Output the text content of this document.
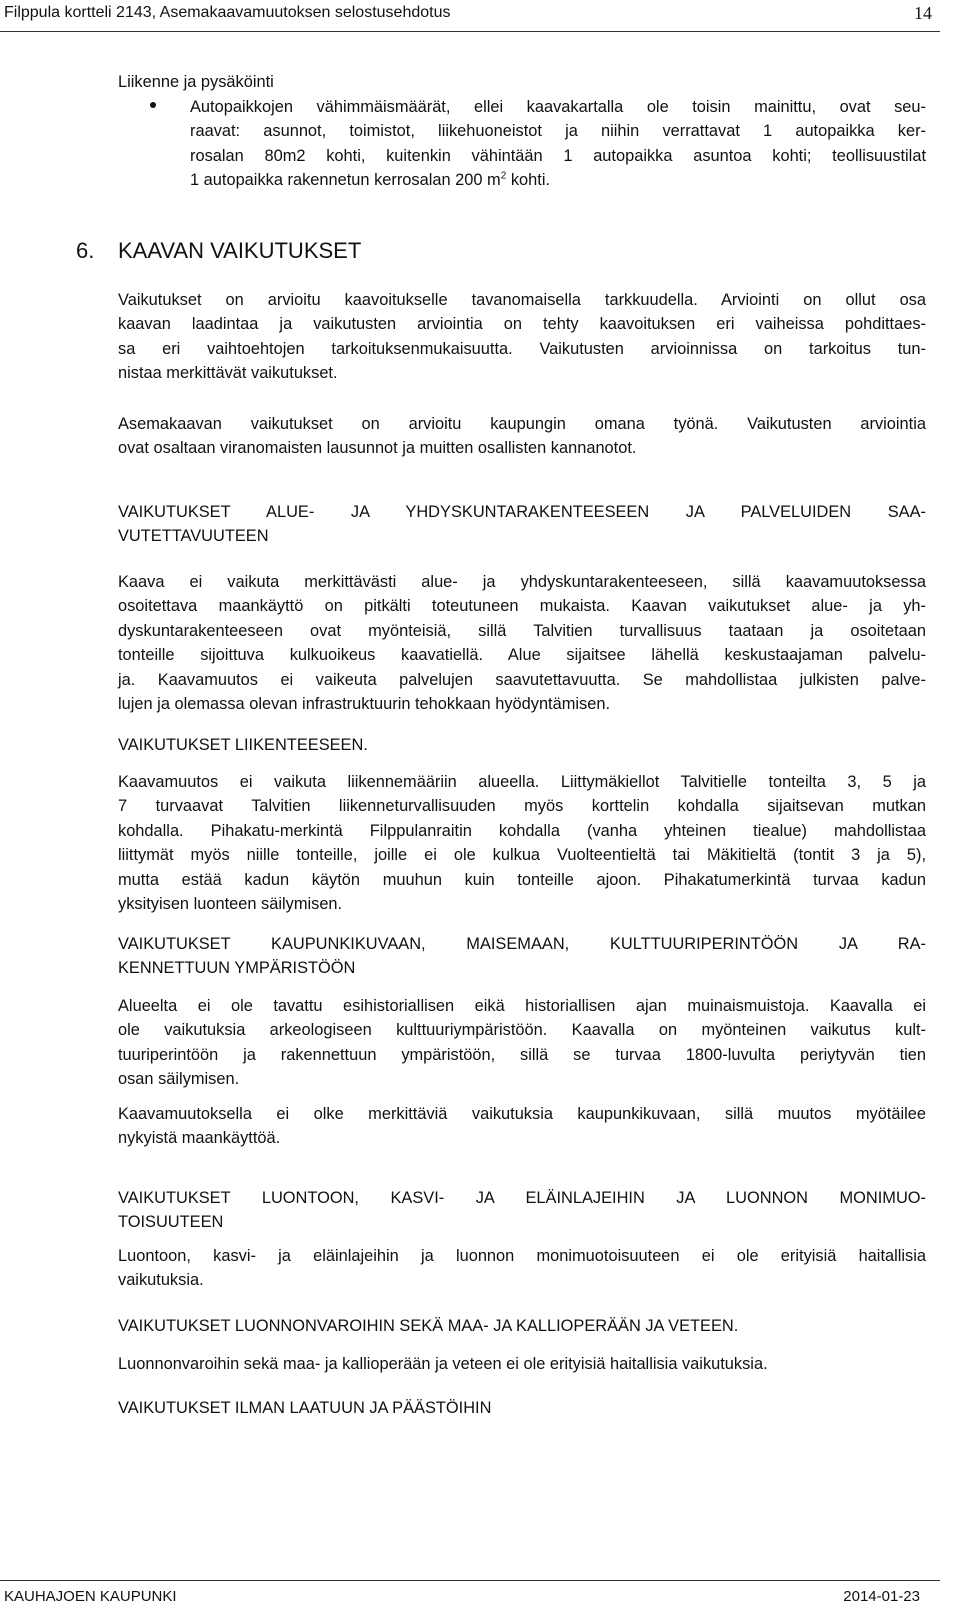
Filppula kortteli 2143, Asemakaavamuutoksen selostusehdotus	14
Liikenne ja pysäköinti
Autopaikkojen vähimmäismäärät, ellei kaavakartalla ole toisin mainittu, ovat seu-
raavat: asunnot, toimistot, liikehuoneistot ja niihin verrattavat 1 autopaikka ker-
rosalan 80m2 kohti, kuitenkin vähintään 1 autopaikka asuntoa kohti; teollisuustilat
1 autopaikka rakennetun kerrosalan 200 $m^2$ kohti.
6. KAAVAN VAIKUTUKSET
Vaikutukset on arvioitu kaavoitukselle tavanomaisella tarkkuudella. Arviointi on ollut osa
kaavan laadintaa ja vaikutusten arviointia on tehty kaavoituksen eri vaiheissa pohdittaes-
sa eri vaihtoehtojen tarkoituksenmukaisuutta. Vaikutusten arvioinnissa on tarkoitus tun-
nistaa merkittävät vaikutukset.
Asemakaavan vaikutukset on arvioitu kaupungin omana työnä. Vaikutusten arviointia
ovat osaltaan viranomaisten lausunnot ja muitten osallisten kannanotot.
VAIKUTUKSET ALUE- JA YHDYSKUNTARAKENTEESEEN JA PALVELUIDEN SAA-
VUTETTAVUUTEEN
Kaava ei vaikuta merkittävästi alue- ja yhdyskuntarakenteeseen, sillä kaavamuutoksessa
osoitettava maankäyttö on pitkälti toteutuneen mukaista. Kaavan vaikutukset alue- ja yh-
dyskuntarakenteeseen ovat myönteisiä, sillä Talvitien turvallisuus taataan ja osoitetaan
tonteille sijoittuva kulkuoikeus kaavatiellä. Alue sijaitsee lähellä keskustaajaman palvelu-
ja. Kaavamuutos ei vaikeuta palvelujen saavutettavuutta. Se mahdollistaa julkisten palve-
lujen ja olemassa olevan infrastruktuurin tehokkaan hyödyntämisen.
VAIKUTUKSET LIIKENTEESEEN.
Kaavamuutos ei vaikuta liikennemääriin alueella. Liittymäkiellot Talvitielle tonteilta 3, 5 ja
7 turvaavat Talvitien liikenneturvallisuuden myös korttelin kohdalla sijaitsevan mutkan
kohdalla. Pihakatu-merkintä Filppulanraitin kohdalla (vanha yhteinen tiealue) mahdollistaa
liittymät myös niille tonteille, joille ei ole kulkua Vuolteentieltä tai Mäkitieltä (tontit 3 ja 5),
mutta estää kadun käytön muuhun kuin tonteille ajoon. Pihakatumerkintä turvaa kadun
yksityisen luonteen säilymisen.
VAIKUTUKSET KAUPUNKIKUVAAN, MAISEMAAN, KULTTUURIPERINTÖÖN JA RA-
KENNETTUUN YMPÄRISTÖÖN
Alueelta ei ole tavattu esihistoriallisen eikä historiallisen ajan muinaismuistoja. Kaavalla ei
ole vaikutuksia arkeologiseen kulttuuriympäristöön. Kaavalla on myönteinen vaikutus kult-
tuuriperintöön ja rakennettuun ympäristöön, sillä se turvaa 1800-luvulta periytyvän tien
osan säilymisen.
Kaavamuutoksella ei olke merkittäviä vaikutuksia kaupunkikuvaan, sillä muutos myötäilee
nykyistä maankäyttöä.
VAIKUTUKSET LUONTOON, KASVI- JA ELÄINLAJEIHIN JA LUONNON MONIMUO-
TOISUUTEEN
Luontoon, kasvi- ja eläinlajeihin ja luonnon monimuotoisuuteen ei ole erityisiä haitallisia
vaikutuksia.
VAIKUTUKSET LUONNONVAROIHIN SEKÄ MAA- JA KALLIOPERÄÄN JA VETEEN.
Luonnonvaroihin sekä maa- ja kallioperään ja veteen ei ole erityisiä haitallisia vaikutuksia.
VAIKUTUKSET ILMAN LAATUUN JA PÄÄSTÖIHIN
KAUHAJOEN KAUPUNKI	2014-01-23
